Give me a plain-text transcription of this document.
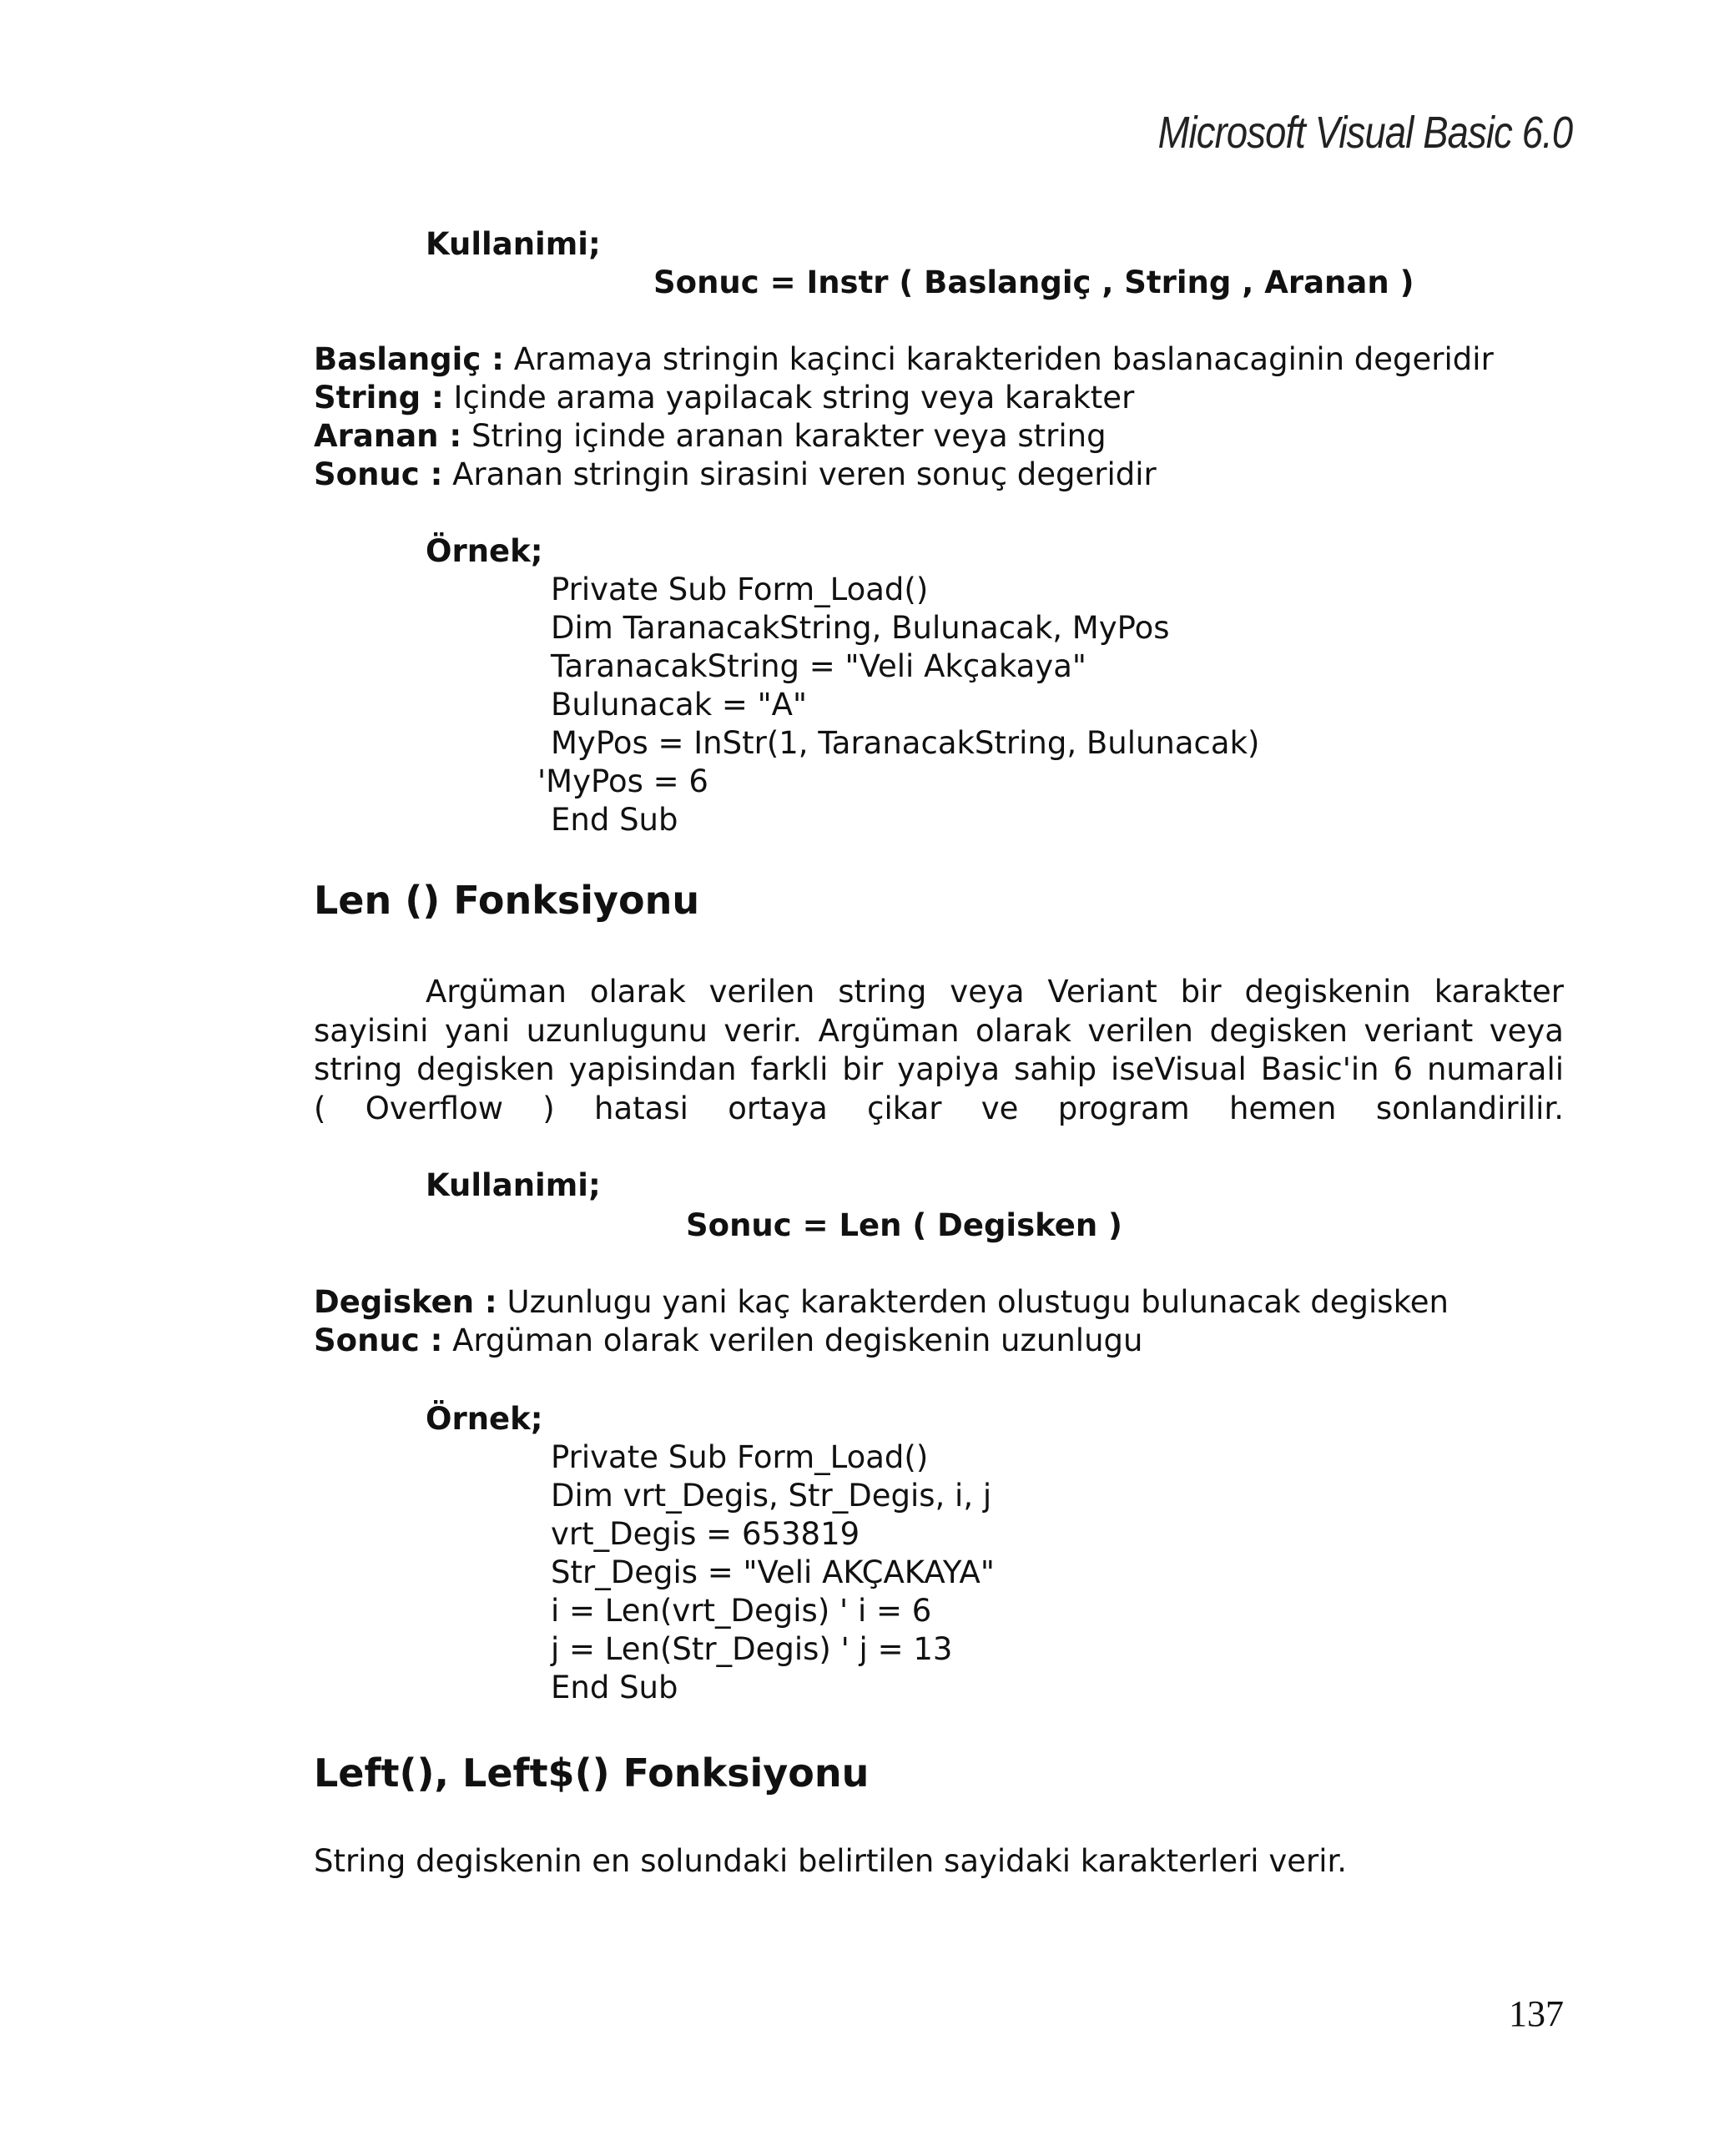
Microsoft Visual Basic 6.0
Kullanimi;
Sonuc = Instr ( Baslangiç , String , Aranan )
Baslangiç : Aramaya stringin kaçinci karakteriden baslanacaginin degeridir
String : Içinde arama yapilacak string veya karakter
Aranan : String içinde aranan karakter veya string
Sonuc : Aranan stringin sirasini veren sonuç degeridir
Örnek;
Private Sub Form_Load()
Dim TaranacakString, Bulunacak, MyPos
TaranacakString = "Veli Akçakaya"
Bulunacak = "A"
MyPos = InStr(1, TaranacakString, Bulunacak)
'MyPos = 6
End Sub
Len () Fonksiyonu
Argüman olarak verilen string veya Veriant bir degiskenin karakter
sayisini yani uzunlugunu verir. Argüman olarak verilen degisken veriant veya
string degisken yapisindan farkli bir yapiya sahip iseVisual Basic'in 6 numarali
( Overflow ) hatasi ortaya çikar ve program hemen sonlandirilir.
Kullanimi;
Sonuc = Len ( Degisken )
Degisken : Uzunlugu yani kaç karakterden olustugu bulunacak degisken
Sonuc : Argüman olarak verilen degiskenin uzunlugu
Örnek;
Private Sub Form_Load()
Dim vrt_Degis, Str_Degis, i, j
vrt_Degis = 653819
Str_Degis = "Veli AKÇAKAYA"
i = Len(vrt_Degis) ' i = 6
j = Len(Str_Degis) ' j = 13
End Sub
Left(), Left$() Fonksiyonu
String degiskenin en solundaki belirtilen sayidaki karakterleri verir.
137
